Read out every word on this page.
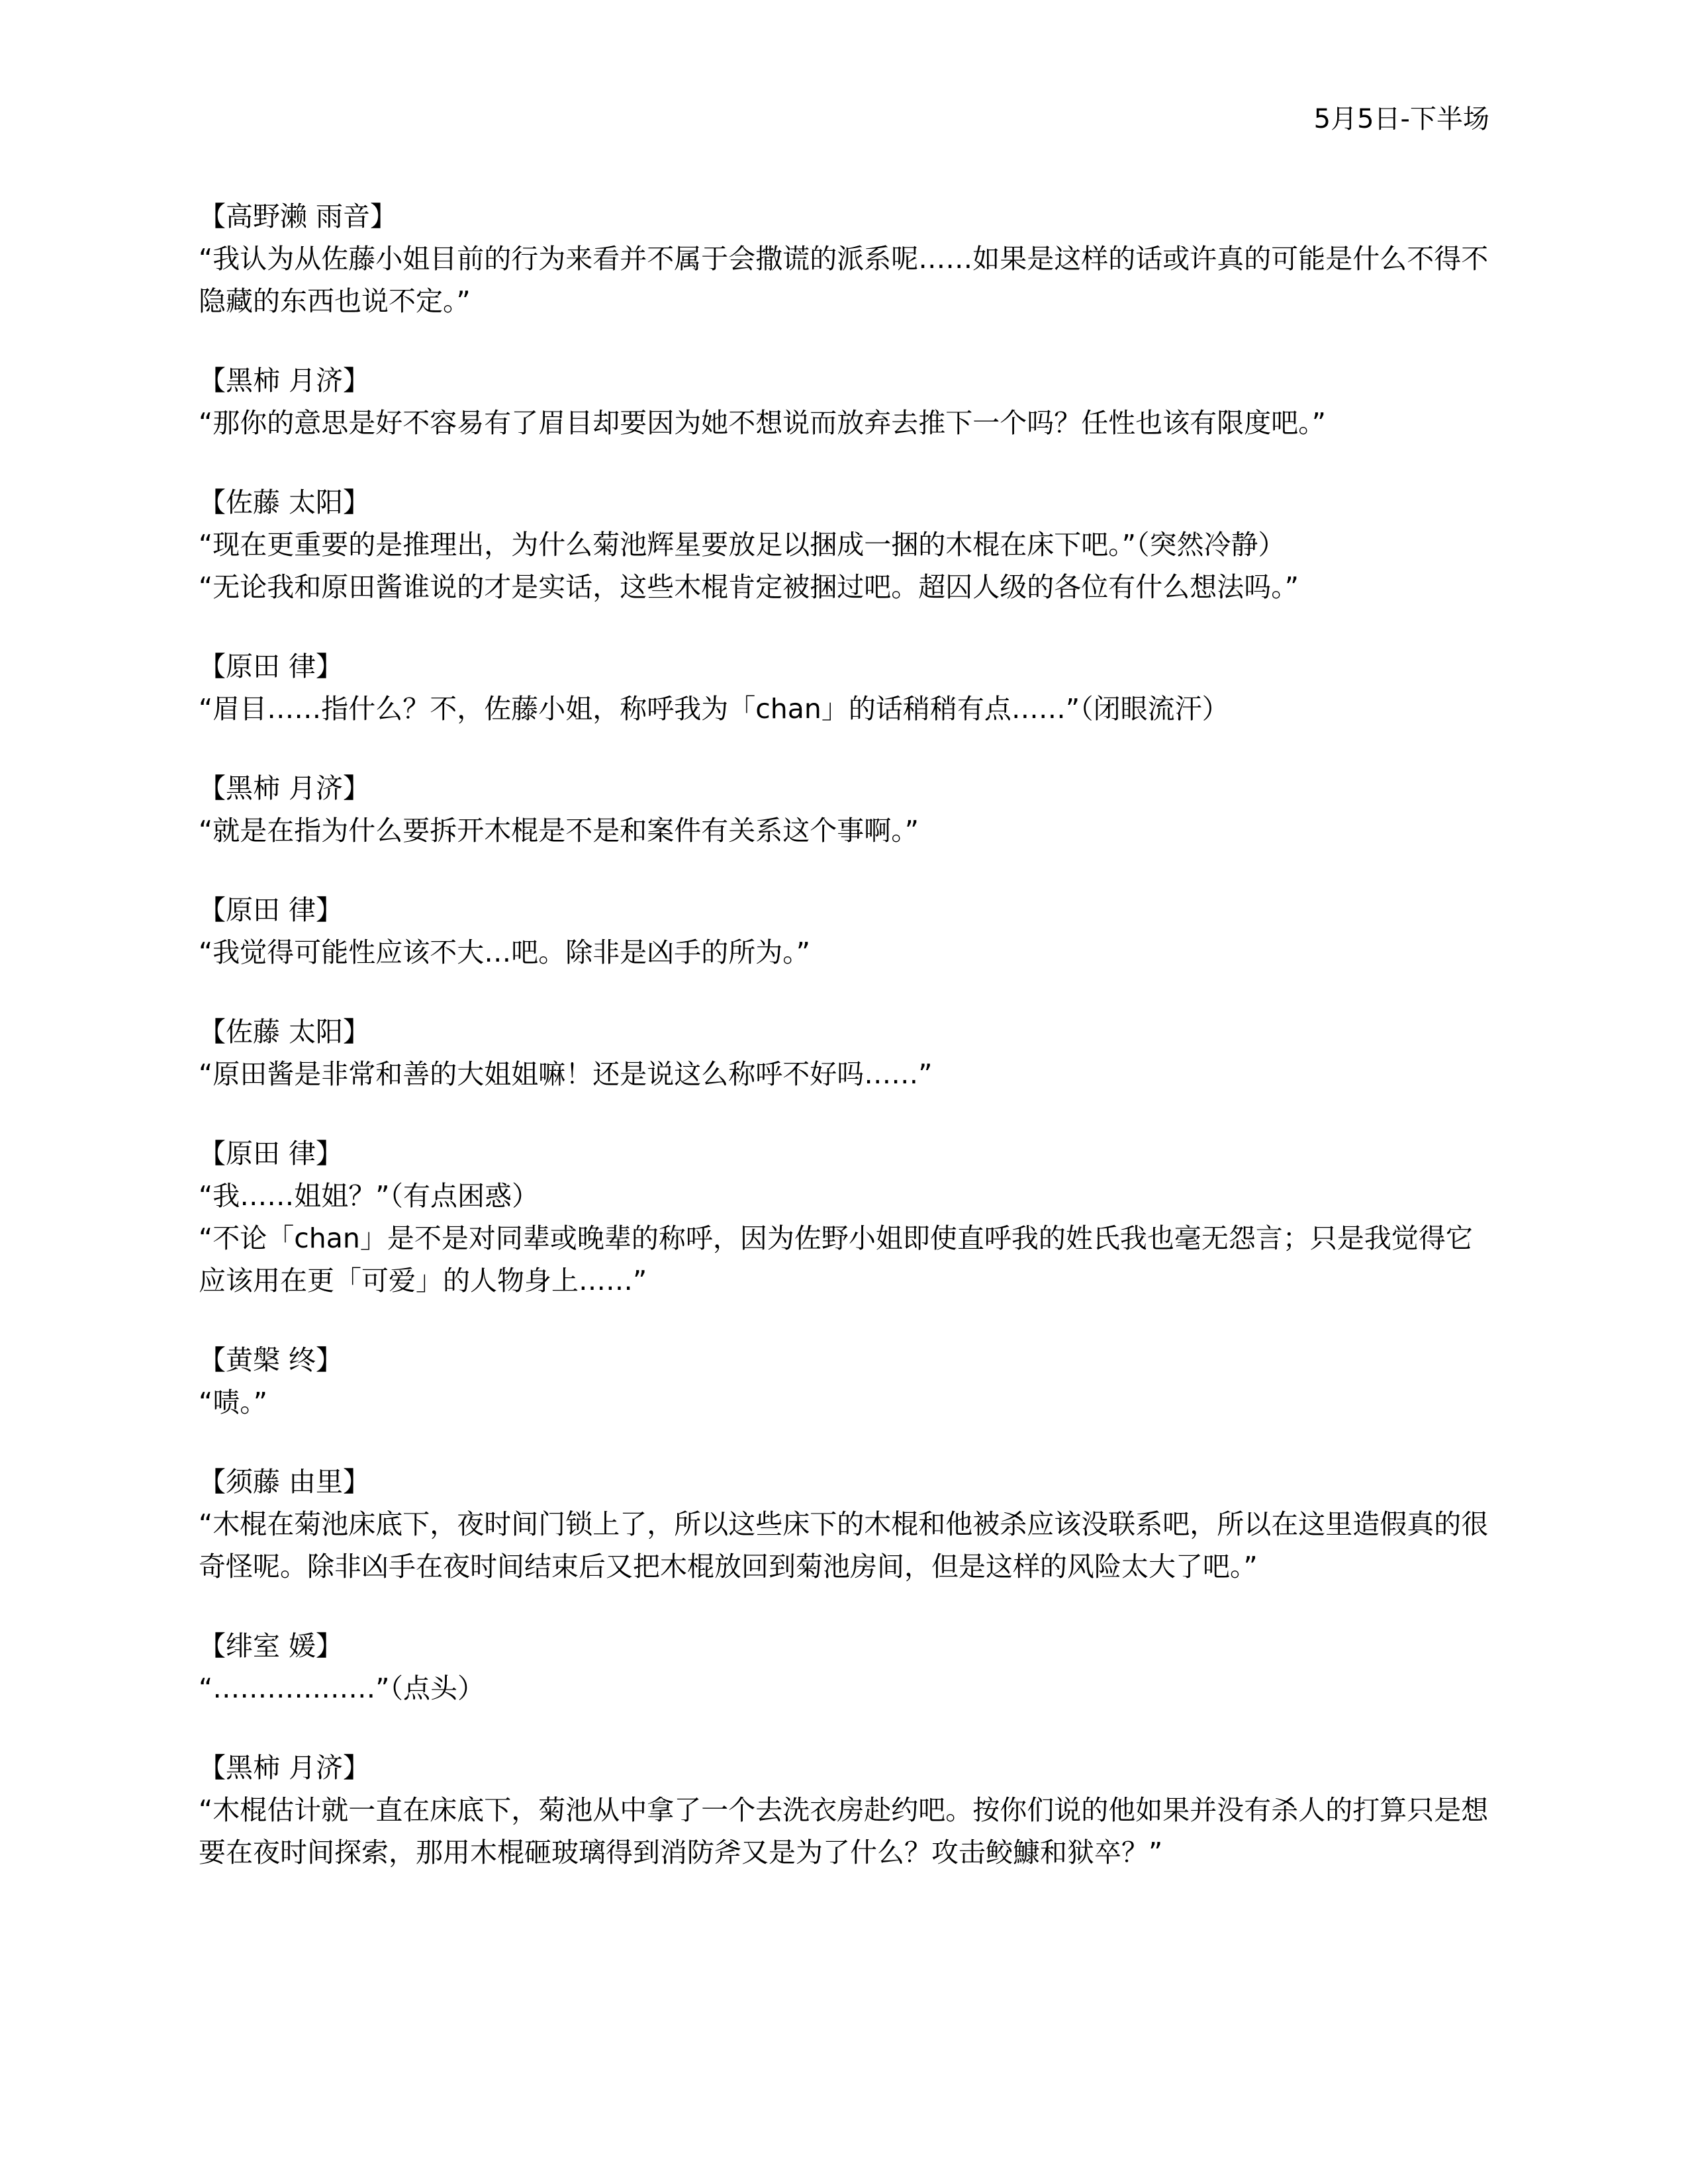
5月5日-下半场
【高野濑 雨音】
“我认为从佐藤小姐目前的行为来看并不属于会撒谎的派系呢……如果是这样的话或许真的可能是什么不得不隐藏的东西也说不定。”
【黑柿 月济】
“那你的意思是好不容易有了眉目却要因为她不想说而放弃去推下一个吗？任性也该有限度吧。”
【佐藤 太阳】
“现在更重要的是推理出，为什么菊池辉星要放足以捆成一捆的木棍在床下吧。”（突然冷静）
“无论我和原田酱谁说的才是实话，这些木棍肯定被捆过吧。超囚人级的各位有什么想法吗。”
【原田 律】
“眉目……指什么？不，佐藤小姐，称呼我为「chan」的话稍稍有点……”（闭眼流汗）
【黑柿 月济】
“就是在指为什么要拆开木棍是不是和案件有关系这个事啊。”
【原田 律】
“我觉得可能性应该不大…吧。除非是凶手的所为。”
【佐藤 太阳】
“原田酱是非常和善的大姐姐嘛！还是说这么称呼不好吗……”
【原田 律】
“我……姐姐？”（有点困惑）
“不论「chan」是不是对同辈或晚辈的称呼，因为佐野小姐即使直呼我的姓氏我也毫无怨言；只是我觉得它应该用在更「可爱」的人物身上……”
【黄槃 终】
“啧。”
【须藤 由里】
“木棍在菊池床底下，夜时间门锁上了，所以这些床下的木棍和他被杀应该没联系吧，所以在这里造假真的很奇怪呢。除非凶手在夜时间结束后又把木棍放回到菊池房间，但是这样的风险太大了吧。”
【绯室 媛】
“………………”（点头）
【黑柿 月济】
“木棍估计就一直在床底下，菊池从中拿了一个去洗衣房赴约吧。按你们说的他如果并没有杀人的打算只是想要在夜时间探索，那用木棍砸玻璃得到消防斧又是为了什么？攻击鲛鱇和狱卒？”
